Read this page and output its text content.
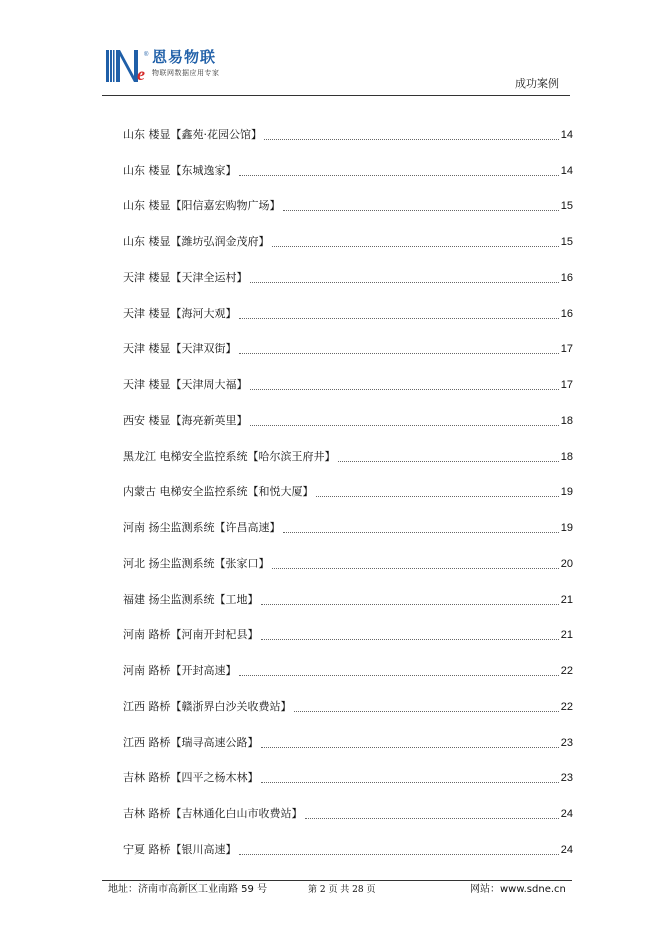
e
® 恩易物联
物联网数据应用专家
成功案例
山东 楼显【鑫苑·花园公馆】	14
山东 楼显【东城逸家】	14
山东 楼显【阳信嘉宏购物广场】	15
山东 楼显【潍坊弘润金茂府】	15
天津 楼显【天津全运村】	16
天津 楼显【海河大观】	16
天津 楼显【天津双街】	17
天津 楼显【天津周大福】	17
西安 楼显【海亮新英里】	18
黑龙江 电梯安全监控系统【哈尔滨王府井】	18
内蒙古 电梯安全监控系统【和悦大厦】	19
河南 扬尘监测系统【许昌高速】	19
河北 扬尘监测系统【张家口】	20
福建 扬尘监测系统【工地】	21
河南 路桥【河南开封杞县】	21
河南 路桥【开封高速】	22
江西 路桥【赣浙界白沙关收费站】	22
江西 路桥【瑞寻高速公路】	23
吉林 路桥【四平之杨木林】	23
吉林 路桥【吉林通化白山市收费站】	24
宁夏 路桥【银川高速】	24
地址：济南市高新区工业南路 59 号	第 2 页 共 28 页	网站：www.sdne.cn
